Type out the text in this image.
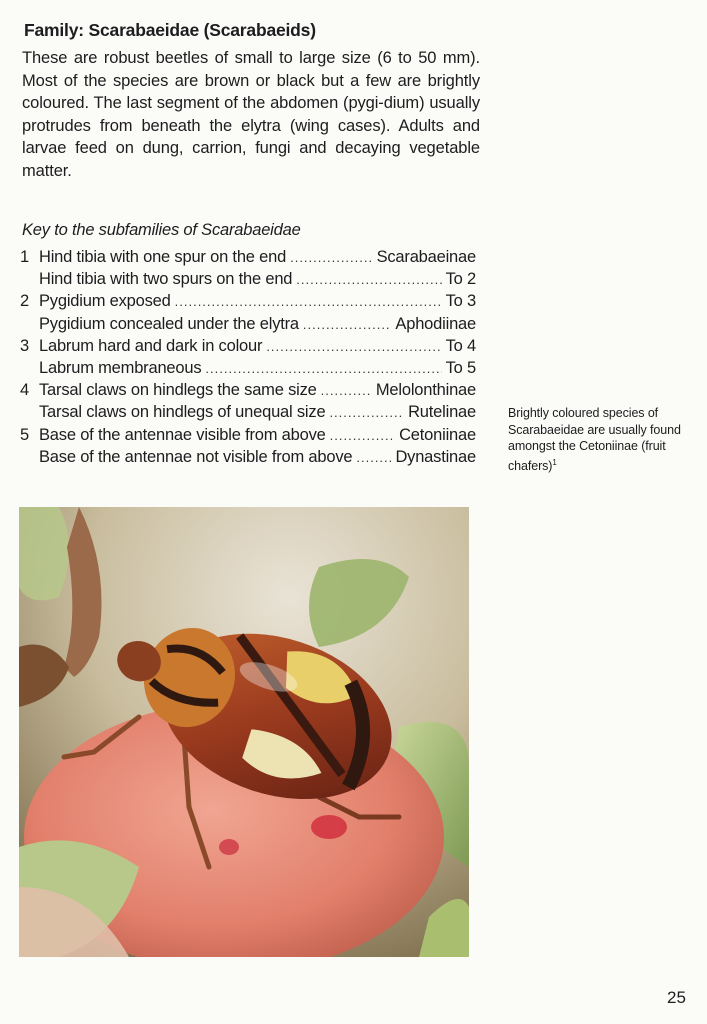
Family: Scarabaeidae (Scarabaeids)

These are robust beetles of small to large size (6 to 50 mm). Most of the species are brown or black but a few are brightly coloured. The last segment of the abdomen (pygi-dium) usually protrudes from beneath the elytra (wing cases). Adults and larvae feed on dung, carrion, fungi and decaying vegetable matter.

Key to the subfamilies of Scarabaeidae
1 Hind tibia with one spur on the end .....	Scarabaeinae
Hind tibia with two spurs on the end .....	To 2
2 Pygidium exposed .....	To 3
Pygidium concealed under the elytra .....	Aphodiinae
3 Labrum hard and dark in colour .....	To 4
Labrum membraneous .....	To 5
4 Tarsal claws on hindlegs the same size .....	Melolonthinae
Tarsal claws on hindlegs of unequal size .....	Rutelinae
5 Base of the antennae visible from above .....	Cetoniinae
Base of the antennae not visible from above .....	Dynastinae
Brightly coloured species of Scarabaeidae are usually found amongst the Cetoniinae (fruit chafers)$^1$
25
